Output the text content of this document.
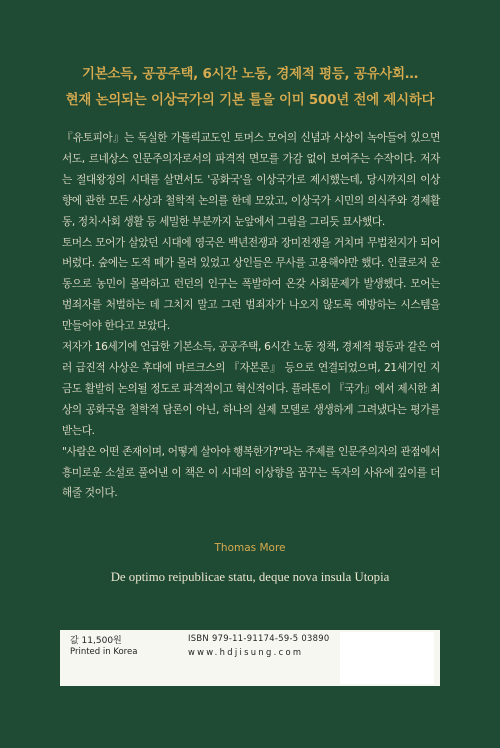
기본소득, 공공주택, 6시간 노동, 경제적 평등, 공유사회…
현재 논의되는 이상국가의 기본 틀을 이미 500년 전에 제시하다

『유토피아』는 독실한 가톨릭교도인 토머스 모어의 신념과 사상이 녹아들어 있으면서도, 르네상스 인문주의자로서의 파격적 면모를 가감 없이 보여주는 수작이다. 저자는 절대왕정의 시대를 살면서도 '공화국'을 이상국가로 제시했는데, 당시까지의 이상향에 관한 모든 사상과 철학적 논의를 한데 모았고, 이상국가 시민의 의식주와 경제활동, 정치·사회 생활 등 세밀한 부분까지 눈앞에서 그림을 그리듯 묘사했다.

토머스 모어가 살았던 시대에 영국은 백년전쟁과 장미전쟁을 거치며 무법천지가 되어버렸다. 숲에는 도적 떼가 몰려 있었고 상인들은 무사를 고용해야만 했다. 인클로저 운동으로 농민이 몰락하고 런던의 인구는 폭발하여 온갖 사회문제가 발생했다. 모어는 범죄자를 처벌하는 데 그치지 말고 그런 범죄자가 나오지 않도록 예방하는 시스템을 만들어야 한다고 보았다.

저자가 16세기에 언급한 기본소득, 공공주택, 6시간 노동 정책, 경제적 평등과 같은 여러 급진적 사상은 후대에 마르크스의 『자본론』 등으로 연결되었으며, 21세기인 지금도 활발히 논의될 정도로 파격적이고 혁신적이다. 플라톤이 『국가』에서 제시한 최상의 공화국을 철학적 담론이 아닌, 하나의 실제 모델로 생생하게 그려냈다는 평가를 받는다.

"사람은 어떤 존재이며, 어떻게 살아야 행복한가?"라는 주제를 인문주의자의 관점에서 흥미로운 소설로 풀어낸 이 책은 이 시대의 이상향을 꿈꾸는 독자의 사유에 깊이를 더해줄 것이다.

Thomas More
De optimo reipublicae statu, deque nova insula Utopia
값 11,500원
Printed in Korea
ISBN 979-11-91174-59-5 03890
www.hdjisung.com
